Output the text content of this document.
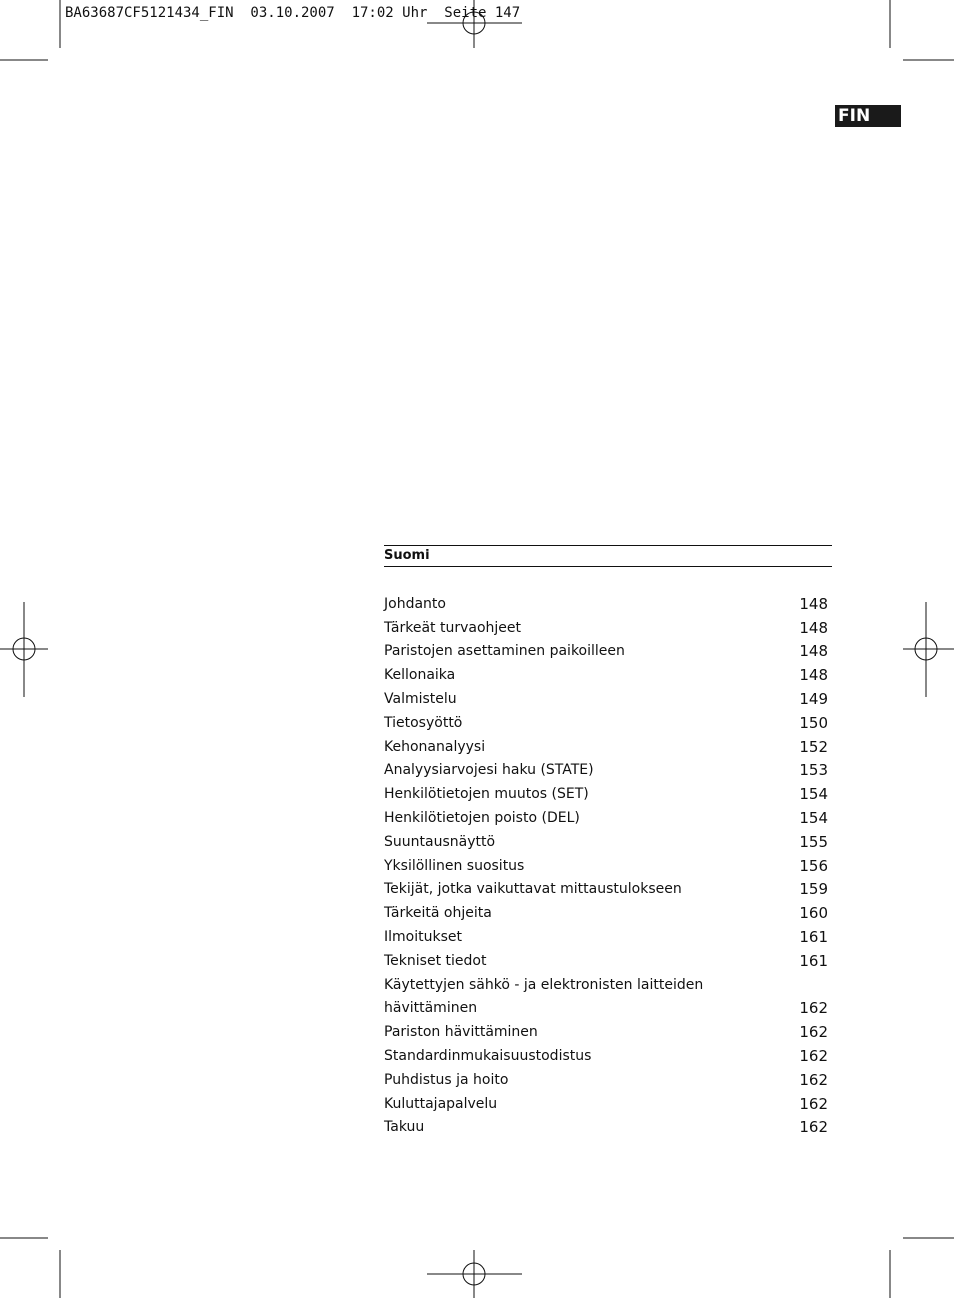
BA63687CF5121434_FIN  03.10.2007  17:02 Uhr  Seite 147
FIN
Suomi
Johdanto	148
Tärkeät turvaohjeet	148
Paristojen asettaminen paikoilleen	148
Kellonaika	148
Valmistelu	149
Tietosyöttö	150
Kehonanalyysi	152
Analyysiarvojesi haku (STATE)	153
Henkilötietojen muutos (SET)	154
Henkilötietojen poisto (DEL)	154
Suuntausnäyttö	155
Yksilöllinen suositus	156
Tekijät, jotka vaikuttavat mittaustulokseen	159
Tärkeitä ohjeita	160
Ilmoitukset	161
Tekniset tiedot	161
Käytettyjen sähkö - ja elektronisten laitteiden
hävittäminen	162
Pariston hävittäminen	162
Standardinmukaisuustodistus	162
Puhdistus ja hoito	162
Kuluttajapalvelu	162
Takuu	162
